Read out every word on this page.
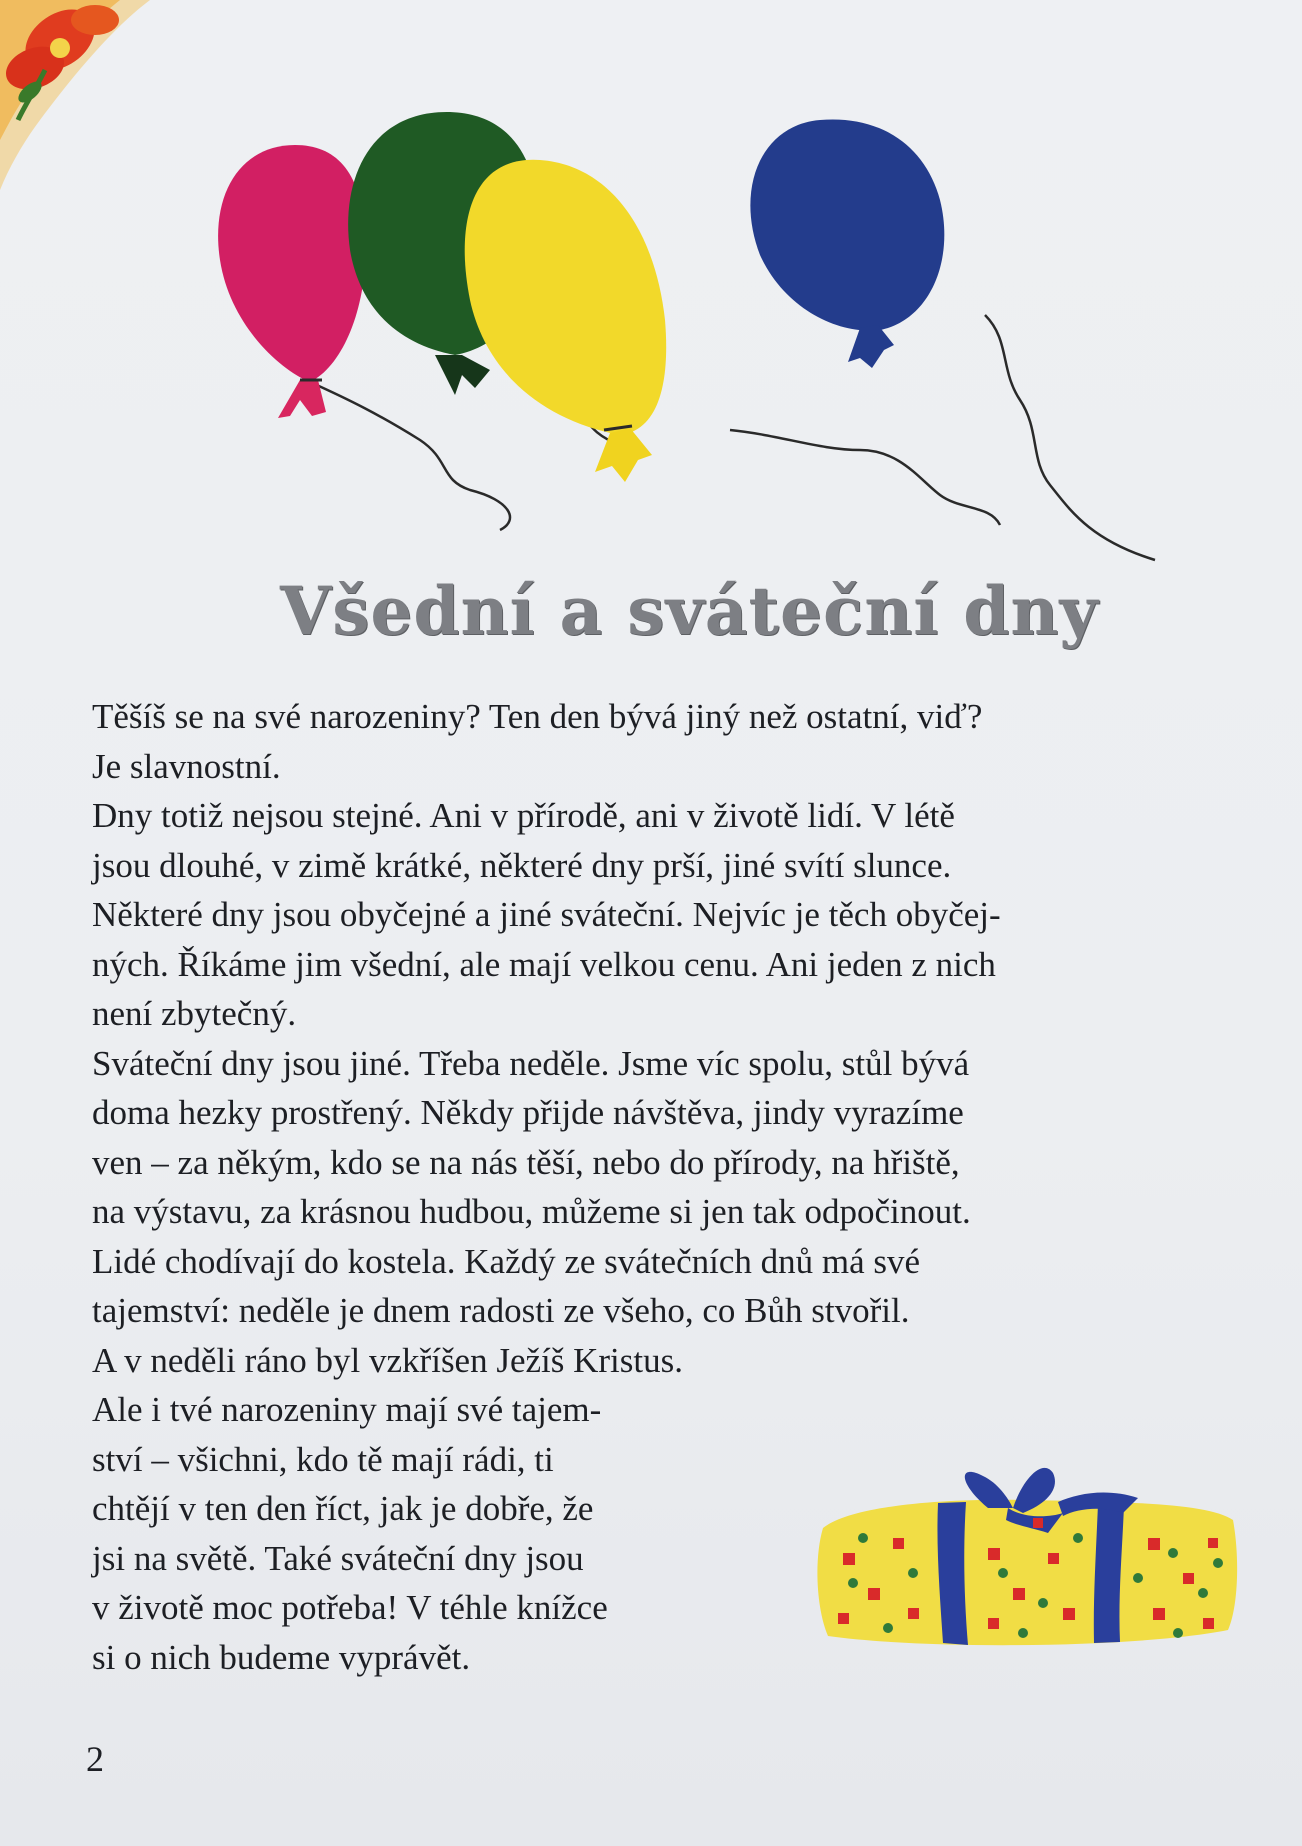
Všední a sváteční dny

Těšíš se na své narozeniny? Ten den bývá jiný než ostatní, viď?

Je slavnostní.

Dny totiž nejsou stejné. Ani v přírodě, ani v životě lidí. V létě

jsou dlouhé, v zimě krátké, některé dny prší, jiné svítí slunce.

Některé dny jsou obyčejné a jiné sváteční. Nejvíc je těch obyčej-

ných. Říkáme jim všední, ale mají velkou cenu. Ani jeden z nich

není zbytečný.

Sváteční dny jsou jiné. Třeba neděle. Jsme víc spolu, stůl bývá

doma hezky prostřený. Někdy přijde návštěva, jindy vyrazíme

ven – za někým, kdo se na nás těší, nebo do přírody, na hřiště,

na výstavu, za krásnou hudbou, můžeme si jen tak odpočinout.

Lidé chodívají do kostela. Každý ze svátečních dnů má své

tajemství: neděle je dnem radosti ze všeho, co Bůh stvořil.

A v neděli ráno byl vzkříšen Ježíš Kristus.

Ale i tvé narozeniny mají své tajem-

ství – všichni, kdo tě mají rádi, ti

chtějí v ten den říct, jak je dobře, že

jsi na světě. Také sváteční dny jsou

v životě moc potřeba! V téhle knížce

si o nich budeme vyprávět.

2
